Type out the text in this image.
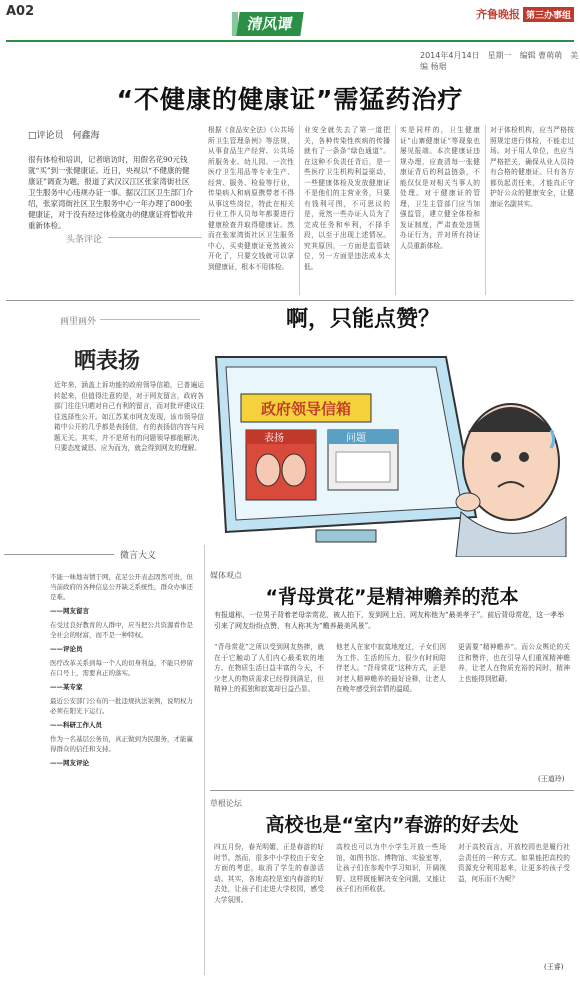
A02
清风谭
齐鲁晚报 第三办事组
2014年4月14日　星期一　编辑 曹萌萌　美编 杨琚
“不健康的健康证”需猛药治疗
□评论员　何鑫海
很有体检和培训，记者暗访时，用假名花90元钱就“买”到一张健康证。近日，央视以“不健康的健康证”调查为题，报道了武汉汉江区张家湾街社区卫生服务中心违规办证一事。据汉江区卫生部门介绍，张家湾街社区卫生服务中心一年办理了800张健康证，对于没有经过体检就办的健康证将暂收并重新体检。
头条评论
根据《食品安全法》《公共场所卫生管理条例》等法规，从事食品生产经营、公共场所服务业、幼儿园、一次性医疗卫生用品等专业生产、经营、服务、检验等行业，传染病人和病原携带者不得从事这些岗位，特此在相关行业工作人员每年都要进行健康检查并取得健康证。然而在张家湾街社区卫生服务中心，买卖健康证竟然被公开化了，只要交钱就可以拿到健康证，根本不用体检。
业安全就失去了第一道把关，各种传染性疾病的传播就有了一条条“绿色通道”。在这种不负责任背后，是一些医疗卫生机构利益驱动，一些健康体检及发放健康证不是他们的主营业务，只要有钱利可图，不可思议的是，竟然一些办证人员为了完成任务和牟利，不择手段，以至于出现上述情况。究其原因，一方面是监管缺位，另一方面是违法成本太低。
实是同样的，卫生健康证“山寨健康证”等现象也屡见报端。本次健康证违规办理，应查清每一张健康证背后的利益链条，不能仅仅是对相关当事人的处理。对于健康证的管理，卫生主管部门应当加强监管，建立健全体检和发证制度，严肃查处违规办证行为，并对所有持证人员重新体检。
对于体检机构，应当严格按照规定进行体检，不能走过场。对于用人单位，也应当严格把关，确保从业人员持有合格的健康证。只有各方都负起责任来，才能真正守护好公众的健康安全，让健康证名副其实。
画里画外
晒表扬
近年来，涵盖上诉功能的政府领导信箱，已普遍运转起来，但值得注意的是，对于网友留言，政府各部门往往只晒对自己有利的留言，而对批评建议往往选择性公开。如江苏某市网友发现，该市领导信箱中公开的几乎都是表扬信，有的表扬信内容与问题无关。其实，并不是所有的问题领导都能解决，只要态度诚恳、应为而为，就会得到网友的理解。
政府领导信箱
表扬	问题
啊，只能点赞？
微言大义

不能一味地寄情于网，花足公开表态固然可贵，但当前政府的各种信息公开缺乏系统性，群众办事还是难。

——网友留言

在受过良好教育的人群中，应当把公共资源看作是全社会的财富，而不是一种特权。

——评论员

医疗改革关系到每一个人的切身利益，不能只停留在口号上，需要真正的落实。

——某专家

最近公安部门公布的一批违规执法案例，说明权力必须在阳光下运行。

——科研工作人员

作为一名基层公务员，真正做到为民服务，才能赢得群众的信任和支持。

——网友评论

媒体观点
“背母赏花”是精神赡养的范本
有报道称，一位男子背着老母亲赏花，被人拍下，发到网上后，网友称他为“最美孝子”。前后背母赏花，这一孝举引来了网友纷纷点赞，有人称其为“赡养最美风景”。
“背母赏花”之所以受到网友热捧，就在于它触动了人们内心最柔软的地方。在物质生活日益丰富的今天，不少老人的物质需求已经得到满足，但精神上的孤独和寂寞却日益凸显。
他老人在家中寂寞地度过，子女们因为工作、生活的压力，很少有时间陪伴老人。“背母赏花”这种方式，正是对老人精神赡养的最好诠释，让老人在晚年感受到亲情的温暖。
更需要“精神赡养”。而公众舆论的关注和赞许，也在引导人们重视精神赡养，让老人在物质充裕的同时，精神上也能得到慰藉。
(王道玲)
草根论坛
高校也是“室内”春游的好去处
四五月份，春光明媚，正是春游的好时节。然而，很多中小学校由于安全方面的考虑，取消了学生的春游活动。其实，各地高校是室内春游的好去处，让孩子们走进大学校园，感受大学氛围。
高校也可以为中小学生开放一些场馆，如图书馆、博物馆、实验室等，让孩子们在参观中学习知识，开阔视野。这样既能解决安全问题，又能让孩子们有所收获。
对于高校而言，开放校园也是履行社会责任的一种方式。如果能把高校的资源充分利用起来，让更多的孩子受益，何乐而不为呢？
(王睿)
